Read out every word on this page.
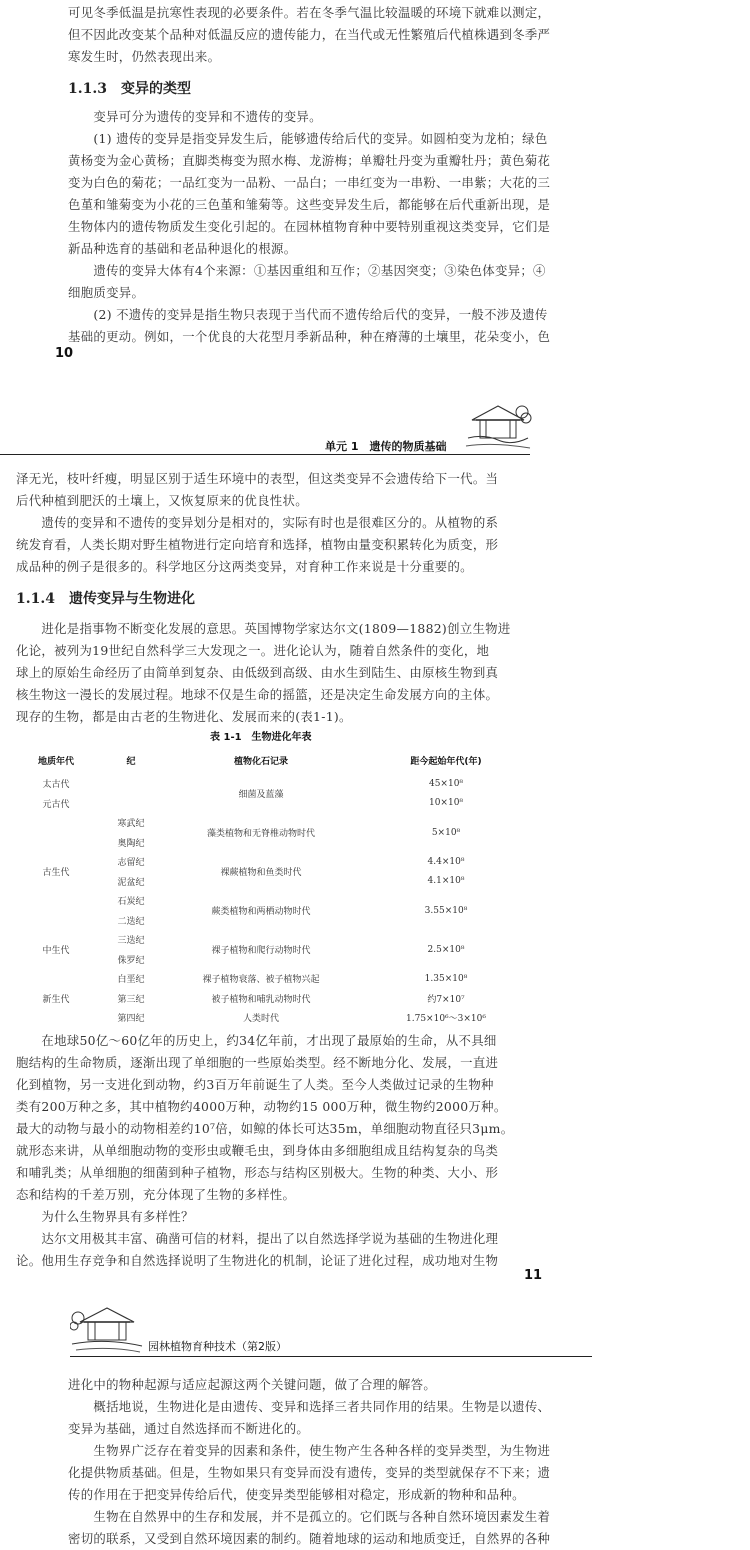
可见冬季低温是抗寒性表现的必要条件。若在冬季气温比较温暖的环境下就难以测定，
但不因此改变某个品种对低温反应的遗传能力，在当代或无性繁殖后代植株遇到冬季严
寒发生时，仍然表现出来。
1.1.3　变异的类型
　　变异可分为遗传的变异和不遗传的变异。
　　(1) 遗传的变异是指变异发生后，能够遗传给后代的变异。如圆柏变为龙柏；绿色
黄杨变为金心黄杨；直脚类梅变为照水梅、龙游梅；单瓣牡丹变为重瓣牡丹；黄色菊花
变为白色的菊花；一品红变为一品粉、一品白；一串红变为一串粉、一串紫；大花的三
色堇和雏菊变为小花的三色堇和雏菊等。这些变异发生后，都能够在后代重新出现，是
生物体内的遗传物质发生变化引起的。在园林植物育种中要特别重视这类变异，它们是
新品种选育的基础和老品种退化的根源。
　　遗传的变异大体有4个来源：①基因重组和互作；②基因突变；③染色体变异；④
细胞质变异。
　　(2) 不遗传的变异是指生物只表现于当代而不遗传给后代的变异，一般不涉及遗传
基础的更动。例如，一个优良的大花型月季新品种，种在瘠薄的土壤里，花朵变小，色
10
单元 1　遗传的物质基础
泽无光，枝叶纤瘦，明显区别于适生环境中的表型，但这类变异不会遗传给下一代。当
后代种植到肥沃的土壤上，又恢复原来的优良性状。
　　遗传的变异和不遗传的变异划分是相对的，实际有时也是很难区分的。从植物的系
统发育看，人类长期对野生植物进行定向培育和选择，植物由量变积累转化为质变，形
成品种的例子是很多的。科学地区分这两类变异，对育种工作来说是十分重要的。
1.1.4　遗传变异与生物进化
　　进化是指事物不断变化发展的意思。英国博物学家达尔文(1809—1882)创立生物进
化论，被列为19世纪自然科学三大发现之一。进化论认为，随着自然条件的变化，地
球上的原始生命经历了由简单到复杂、由低级到高级、由水生到陆生、由原核生物到真
核生物这一漫长的发展过程。地球不仅是生命的摇篮，还是决定生命发展方向的主体。
现存的生物，都是由古老的生物进化、发展而来的(表1-1)。
表 1-1　生物进化年表
地质年代	纪	植物化石记录	距今起始年代(年)
太古代		细菌及蓝藻	45×10⁸
元古代			10×10⁸
古生代	寒武纪	藻类植物和无脊椎动物时代	5×10⁸
	奥陶纪		
	志留纪	裸蕨植物和鱼类时代	4.4×10⁸
	泥盆纪		4.1×10⁸
	石炭纪	蕨类植物和两栖动物时代	3.55×10⁸
	二迭纪		
中生代	三迭纪	裸子植物和爬行动物时代	2.5×10⁸
	侏罗纪		
新生代	白垩纪	裸子植物衰落、被子植物兴起	1.35×10⁸
	第三纪	被子植物和哺乳动物时代	约7×10⁷
	第四纪	人类时代	1.75×10⁶～3×10⁶
　　在地球50亿～60亿年的历史上，约34亿年前，才出现了最原始的生命，从不具细
胞结构的生命物质，逐渐出现了单细胞的一些原始类型。经不断地分化、发展，一直进
化到植物，另一支进化到动物，约3百万年前诞生了人类。至今人类做过记录的生物种
类有200万种之多，其中植物约4000万种，动物约15 000万种，微生物约2000万种。
最大的动物与最小的动物相差约10⁷倍，如鲸的体长可达35m，单细胞动物直径只3μm。
就形态来讲，从单细胞动物的变形虫或鞭毛虫，到身体由多细胞组成且结构复杂的鸟类
和哺乳类；从单细胞的细菌到种子植物，形态与结构区别极大。生物的种类、大小、形
态和结构的千差万别，充分体现了生物的多样性。
　　为什么生物界具有多样性？
　　达尔文用极其丰富、确凿可信的材料，提出了以自然选择学说为基础的生物进化理
论。他用生存竞争和自然选择说明了生物进化的机制，论证了进化过程，成功地对生物
11
园林植物育种技术（第2版）
进化中的物种起源与适应起源这两个关键问题，做了合理的解答。
　　概括地说，生物进化是由遗传、变异和选择三者共同作用的结果。生物是以遗传、
变异为基础，通过自然选择而不断进化的。
　　生物界广泛存在着变异的因素和条件，使生物产生各种各样的变异类型，为生物进
化提供物质基础。但是，生物如果只有变异而没有遗传，变异的类型就保存不下来；遗
传的作用在于把变异传给后代，使变异类型能够相对稳定，形成新的物种和品种。
　　生物在自然界中的生存和发展，并不是孤立的。它们既与各种自然环境因素发生着
密切的联系，又受到自然环境因素的制约。随着地球的运动和地质变迁，自然界的各种
